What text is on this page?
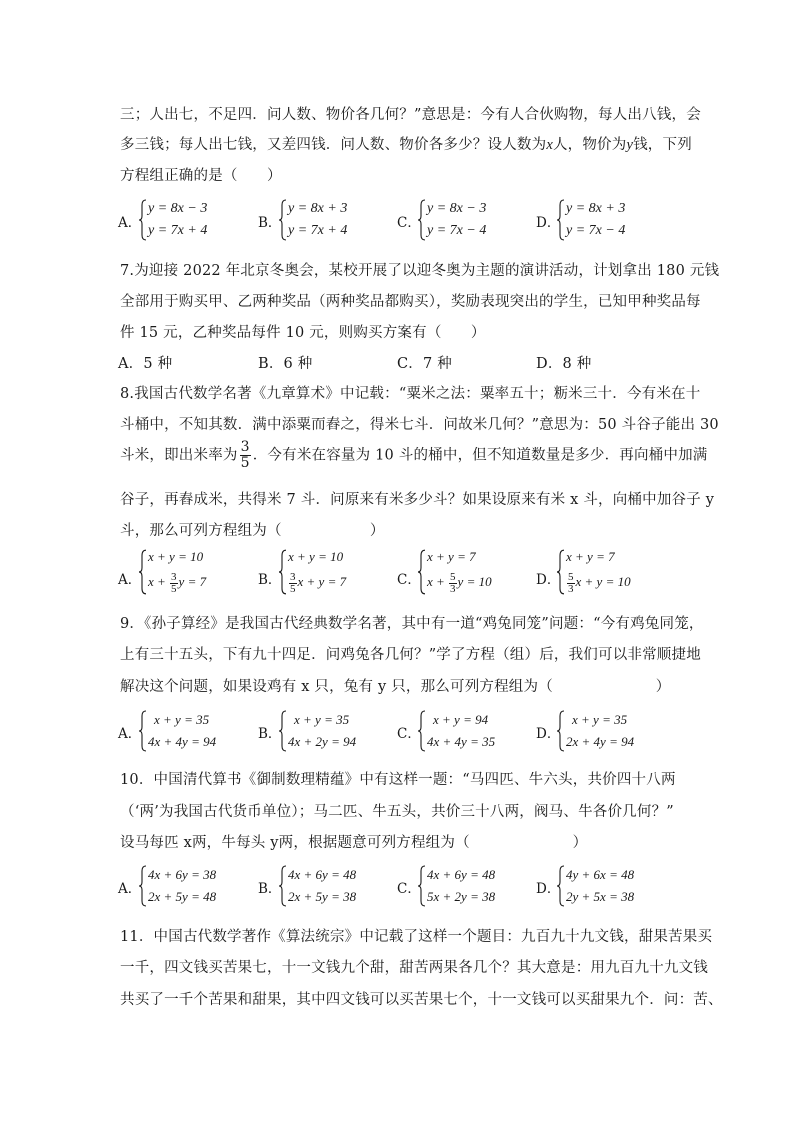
三；人出七，不足四．问人数、物价各几何？”意思是：今有人合伙购物，每人出八钱，会
多三钱；每人出七钱，又差四钱．问人数、物价各多少？设人数为x人，物价为y钱，下列
方程组正确的是（　　）
A．
y = 8x − 3
y = 7x + 4	B．
y = 8x + 3
y = 7x + 4	C．
y = 8x − 3
y = 7x − 4	D．
y = 8x + 3
y = 7x − 4
7.为迎接 2022 年北京冬奥会，某校开展了以迎冬奥为主题的演讲活动，计划拿出 180 元钱
全部用于购买甲、乙两种奖品（两种奖品都购买），奖励表现突出的学生，已知甲种奖品每
件 15 元，乙种奖品每件 10 元，则购买方案有（　　）
A．5 种	B．6 种	C．7 种	D．8 种
8.我国古代数学名著《九章算术》中记载：“粟米之法：粟率五十；粝米三十．今有米在十
斗桶中，不知其数．满中添粟而舂之，得米七斗．问故米几何？”意思为：50 斗谷子能出 30
斗米，即出米率为 $\frac{3}{5}$ ．今有米在容量为 10 斗的桶中，但不知道数量是多少．再向桶中加满
谷子，再舂成米，共得米 7 斗．问原来有米多少斗？如果设原来有米 x 斗，向桶中加谷子 y
斗，那么可列方程组为（　　　　　　）
A．
x + y = 10
$x + \frac{3}{5}$ y = 7	B．
x + y = 10
$\frac{3}{5}$ x + y = 7	C．
x + y = 7
$x + \frac{5}{3}$ y = 10	D．
x + y = 7
$\frac{5}{3}$ x + y = 10
9．《孙子算经》是我国古代经典数学名著，其中有一道“鸡兔同笼”问题：“今有鸡兔同笼，
上有三十五头，下有九十四足．问鸡兔各几何？”学了方程（组）后，我们可以非常顺捷地
解决这个问题，如果设鸡有 x 只，兔有 y 只，那么可列方程组为（　　　　　　　）
A．
x + y = 35
4x + 4y = 94	B．
x + y = 35
4x + 2y = 94	C．
x + y = 94
4x + 4y = 35	D．
x + y = 35
2x + 4y = 94
10．中国清代算书《御制数理精蕴》中有这样一题：“马四匹、牛六头，共价四十八两
（‘两’为我国古代货币单位）；马二匹、牛五头，共价三十八两，阀马、牛各价几何？”
设马每匹 x两，牛每头 y两，根据题意可列方程组为（　　　　　　　）
A．
4x + 6y = 38
2x + 5y = 48	B．
4x + 6y = 48
2x + 5y = 38	C．
4x + 6y = 48
5x + 2y = 38	D．
4y + 6x = 48
2y + 5x = 38
11．中国古代数学著作《算法统宗》中记载了这样一个题目：九百九十九文钱，甜果苦果买
一千，四文钱买苦果七，十一文钱九个甜，甜苦两果各几个？其大意是：用九百九十九文钱
共买了一千个苦果和甜果，其中四文钱可以买苦果七个，十一文钱可以买甜果九个．问：苦、
